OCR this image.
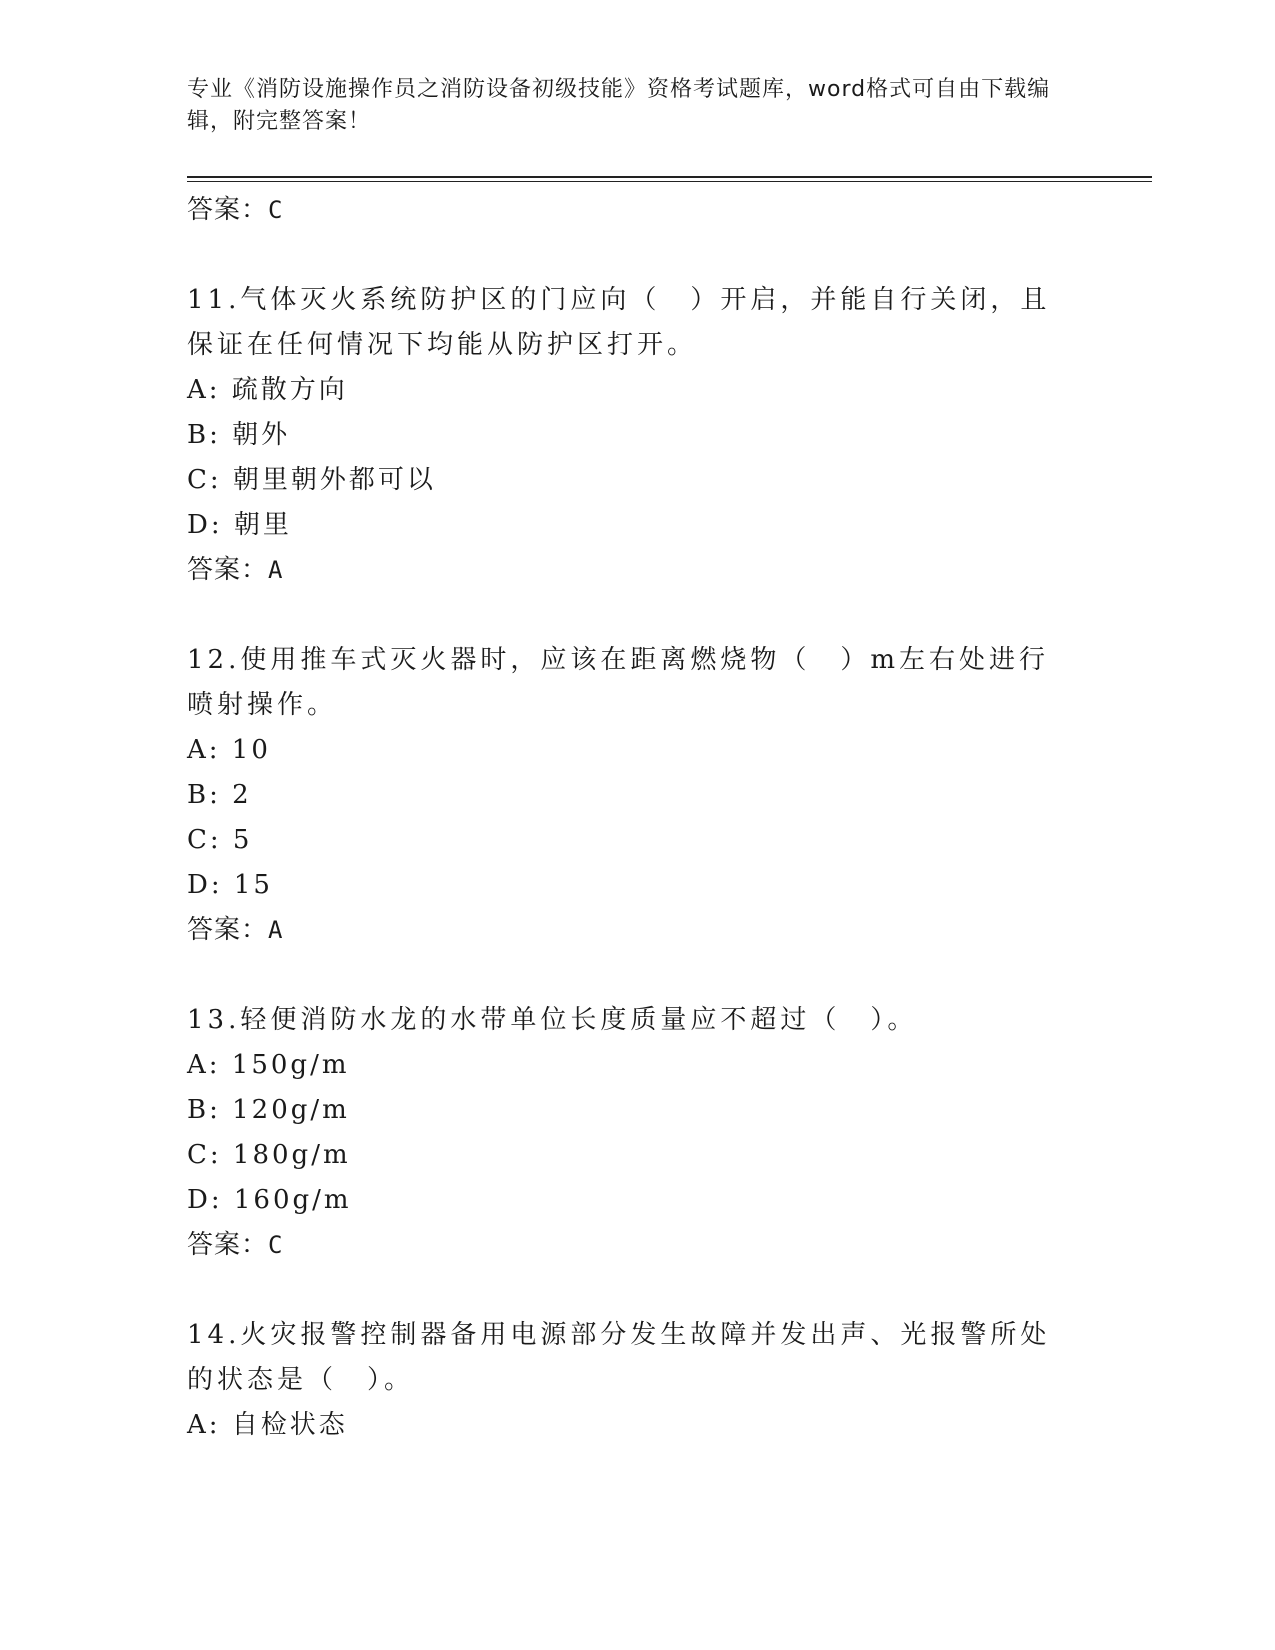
专业《消防设施操作员之消防设备初级技能》资格考试题库，word格式可自由下载编辑，附完整答案！
答案：C
11.气体灭火系统防护区的门应向（　）开启，并能自行关闭，且保证在任何情况下均能从防护区打开。
A: 疏散方向
B: 朝外
C: 朝里朝外都可以
D: 朝里
答案：A
12.使用推车式灭火器时，应该在距离燃烧物（　）m左右处进行喷射操作。
A: 10
B: 2
C: 5
D: 15
答案：A
13.轻便消防水龙的水带单位长度质量应不超过（　）。
A: 150g/m
B: 120g/m
C: 180g/m
D: 160g/m
答案：C
14.火灾报警控制器备用电源部分发生故障并发出声、光报警所处的状态是（　）。
A: 自检状态
